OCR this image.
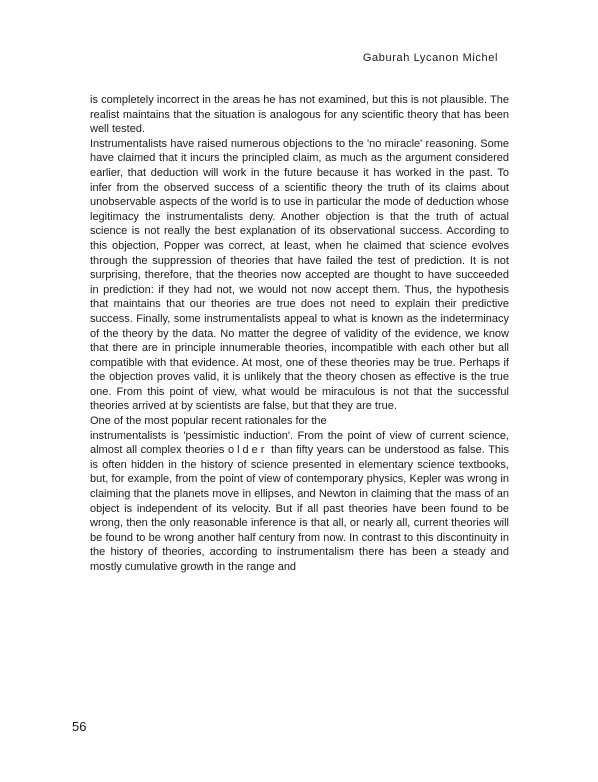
Gaburah Lycanon Michel

is completely incorrect in the areas he has not examined, but this is not plausible. The realist maintains that the situation is analogous for any scientific theory that has been well tested.

Instrumentalists have raised numerous objections to the 'no miracle' reasoning. Some have claimed that it incurs the principled claim, as much as the argument considered earlier, that deduction will work in the future because it has worked in the past. To infer from the observed success of a scientific theory the truth of its claims about unobservable aspects of the world is to use in particular the mode of deduction whose legitimacy the instrumentalists deny. Another objection is that the truth of actual science is not really the best explanation of its observational success. According to this objection, Popper was correct, at least, when he claimed that science evolves through the suppression of theories that have failed the test of prediction. It is not surprising, therefore, that the theories now accepted are thought to have succeeded in prediction: if they had not, we would not now accept them. Thus, the hypothesis that maintains that our theories are true does not need to explain their predictive success. Finally, some instrumentalists appeal to what is known as the indeterminacy of the theory by the data. No matter the degree of validity of the evidence, we know that there are in principle innumerable theories, incompatible with each other but all compatible with that evidence. At most, one of these theories may be true. Perhaps if the objection proves valid, it is unlikely that the theory chosen as effective is the true one. From this point of view, what would be miraculous is not that the successful theories arrived at by scientists are false, but that they are true.

One of the most popular recent rationales for the

instrumentalists is 'pessimistic induction'. From the point of view of current science, almost all complex theories older than fifty years can be understood as false. This is often hidden in the history of science presented in elementary science textbooks, but, for example, from the point of view of contemporary physics, Kepler was wrong in claiming that the planets move in ellipses, and Newton in claiming that the mass of an object is independent of its velocity. But if all past theories have been found to be wrong, then the only reasonable inference is that all, or nearly all, current theories will be found to be wrong another half century from now. In contrast to this discontinuity in the history of theories, according to instrumentalism there has been a steady and mostly cumulative growth in the range and

56
